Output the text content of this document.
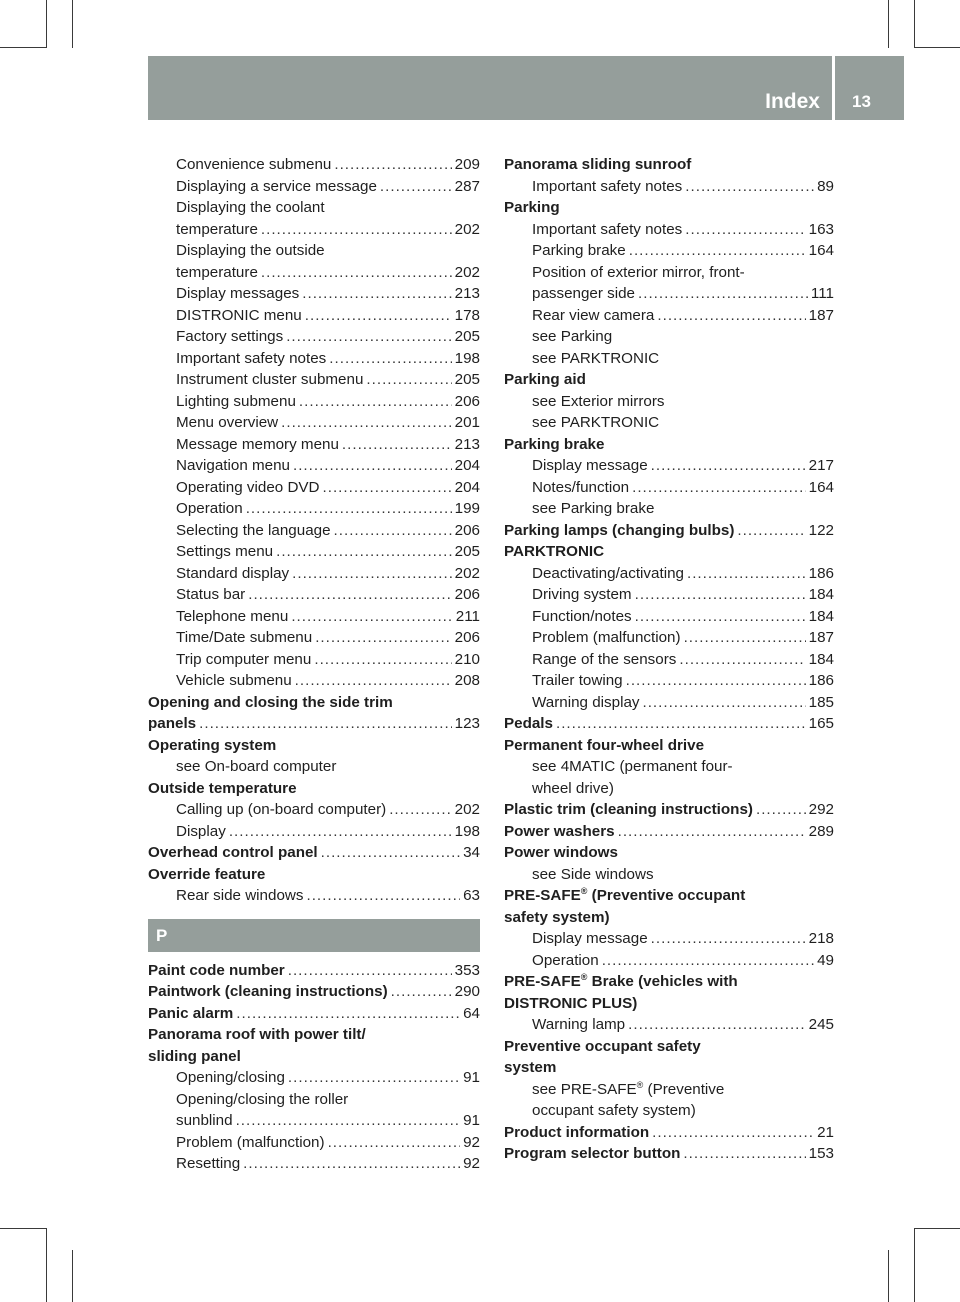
Index	13
Convenience submenu .....	209
Displaying a service message .....	287
Displaying the coolant
temperature .....	202
Displaying the outside
temperature .....	202
Display messages .....	213
DISTRONIC menu .....	178
Factory settings .....	205
Important safety notes .....	198
Instrument cluster submenu .....	205
Lighting submenu .....	206
Menu overview .....	201
Message memory menu .....	213
Navigation menu .....	204
Operating video DVD .....	204
Operation .....	199
Selecting the language .....	206
Settings menu .....	205
Standard display .....	202
Status bar .....	206
Telephone menu .....	211
Time/Date submenu .....	206
Trip computer menu .....	210
Vehicle submenu .....	208
Opening and closing the side trim
panels .....	123
Operating system
see On-board computer
Outside temperature
Calling up (on-board computer) .....	202
Display .....	198
Overhead control panel .....	34
Override feature
Rear side windows .....	63
P
Paint code number .....	353
Paintwork (cleaning instructions) .....	290
Panic alarm .....	64
Panorama roof with power tilt/
sliding panel
Opening/closing .....	91
Opening/closing the roller
sunblind .....	91
Problem (malfunction) .....	92
Resetting .....	92
Panorama sliding sunroof
Important safety notes .....	89
Parking
Important safety notes .....	163
Parking brake .....	164
Position of exterior mirror, front-
passenger side .....	111
Rear view camera .....	187
see Parking
see PARKTRONIC
Parking aid
see Exterior mirrors
see PARKTRONIC
Parking brake
Display message .....	217
Notes/function .....	164
see Parking brake
Parking lamps (changing bulbs) .....	122
PARKTRONIC
Deactivating/activating .....	186
Driving system .....	184
Function/notes .....	184
Problem (malfunction) .....	187
Range of the sensors .....	184
Trailer towing .....	186
Warning display .....	185
Pedals .....	165
Permanent four-wheel drive
see 4MATIC (permanent four-
wheel drive)
Plastic trim (cleaning instructions) .....	292
Power washers .....	289
Power windows
see Side windows
PRE-SAFE® (Preventive occupant
safety system)
Display message .....	218
Operation .....	49
PRE-SAFE® Brake (vehicles with
DISTRONIC PLUS)
Warning lamp .....	245
Preventive occupant safety
system
see PRE-SAFE® (Preventive
occupant safety system)
Product information .....	21
Program selector button .....	153
